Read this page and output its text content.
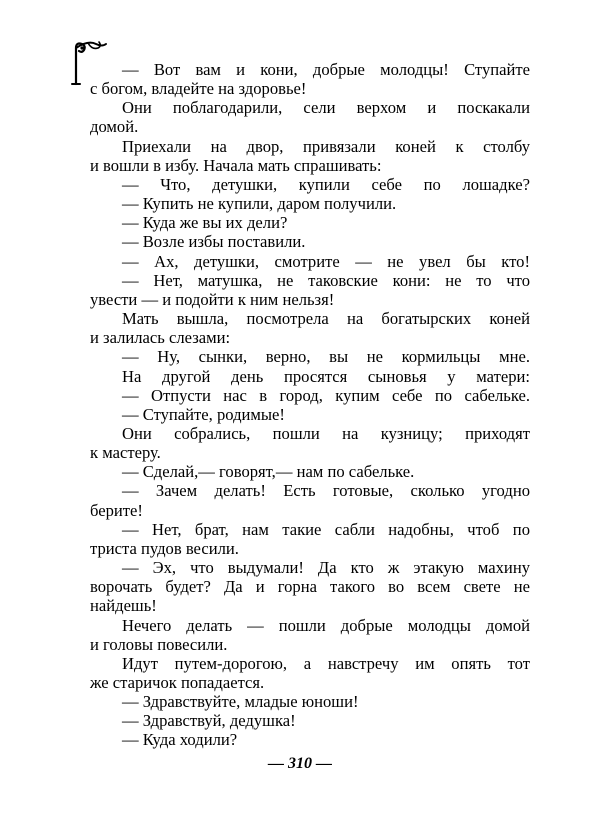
— Вот вам и кони, добрые молодцы! Ступайте
с богом, владейте на здоровье!
Они поблагодарили, сели верхом и поскакали
домой.
Приехали на двор, привязали коней к столбу
и вошли в избу. Начала мать спрашивать:
— Что, детушки, купили себе по лошадке?
— Купить не купили, даром получили.
— Куда же вы их дели?
— Возле избы поставили.
— Ах, детушки, смотрите — не увел бы кто!
— Нет, матушка, не таковские кони: не то что
увести — и подойти к ним нельзя!
Мать вышла, посмотрела на богатырских коней
и залилась слезами:
— Ну, сынки, верно, вы не кормильцы мне.
На другой день просятся сыновья у матери:
— Отпусти нас в город, купим себе по сабельке.
— Ступайте, родимые!
Они собрались, пошли на кузницу; приходят
к мастеру.
— Сделай,— говорят,— нам по сабельке.
— Зачем делать! Есть готовые, сколько угодно
берите!
— Нет, брат, нам такие сабли надобны, чтоб по
триста пудов весили.
— Эх, что выдумали! Да кто ж этакую махину
ворочать будет? Да и горна такого во всем свете не
найдешь!
Нечего делать — пошли добрые молодцы домой
и головы повесили.
Идут путем-дорогою, а навстречу им опять тот
же старичок попадается.
— Здравствуйте, младые юноши!
— Здравствуй, дедушка!
— Куда ходили?
— 310 —
